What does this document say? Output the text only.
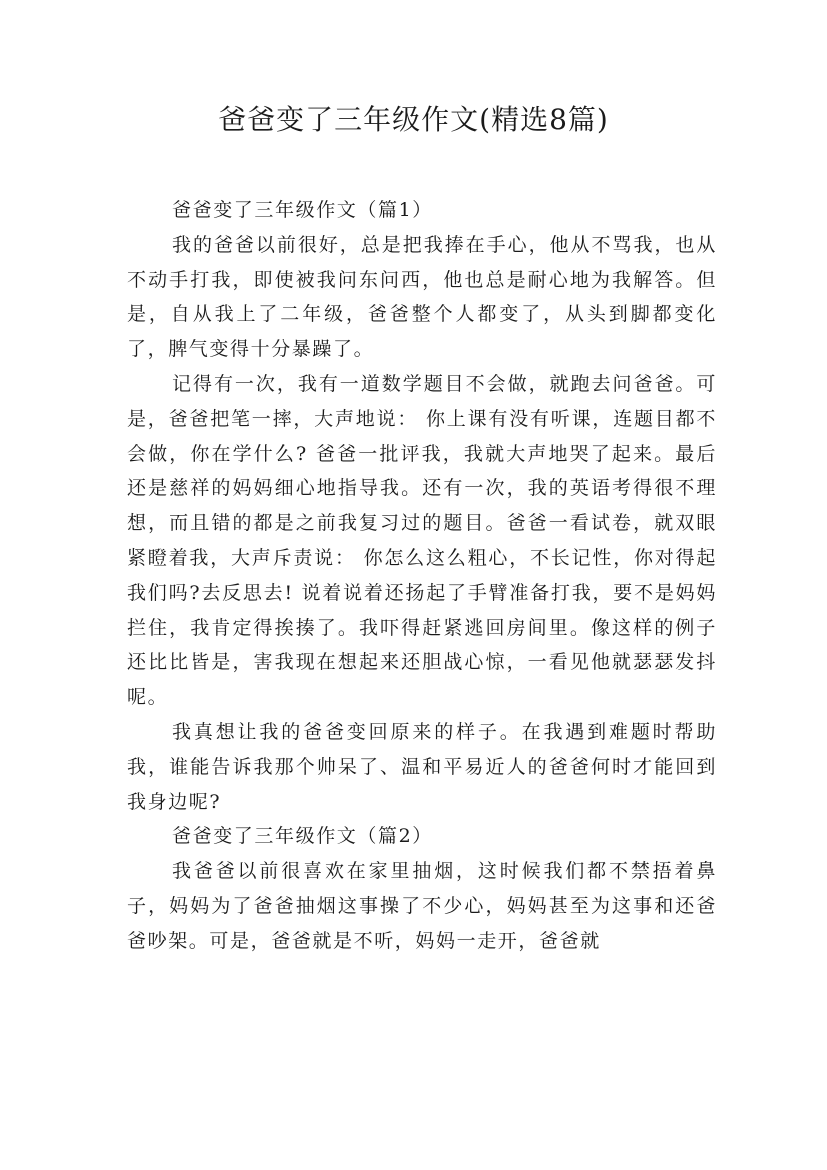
爸爸变了三年级作文(精选8篇)
爸爸变了三年级作文（篇1）

我的爸爸以前很好，总是把我捧在手心，他从不骂我，也从不动手打我，即使被我问东问西，他也总是耐心地为我解答。但是，自从我上了二年级，爸爸整个人都变了，从头到脚都变化了，脾气变得十分暴躁了。

记得有一次，我有一道数学题目不会做，就跑去问爸爸。可是，爸爸把笔一摔，大声地说： 你上课有没有听课，连题目都不会做，你在学什么? 爸爸一批评我，我就大声地哭了起来。最后还是慈祥的妈妈细心地指导我。还有一次，我的英语考得很不理想，而且错的都是之前我复习过的题目。爸爸一看试卷，就双眼紧瞪着我，大声斥责说： 你怎么这么粗心，不长记性，你对得起我们吗?去反思去! 说着说着还扬起了手臂准备打我，要不是妈妈拦住，我肯定得挨揍了。我吓得赶紧逃回房间里。像这样的例子还比比皆是，害我现在想起来还胆战心惊，一看见他就瑟瑟发抖呢。

我真想让我的爸爸变回原来的样子。在我遇到难题时帮助我，谁能告诉我那个帅呆了、温和平易近人的爸爸何时才能回到我身边呢?

爸爸变了三年级作文（篇2）

我爸爸以前很喜欢在家里抽烟，这时候我们都不禁捂着鼻子，妈妈为了爸爸抽烟这事操了不少心，妈妈甚至为这事和还爸爸吵架。可是，爸爸就是不听，妈妈一走开，爸爸就
